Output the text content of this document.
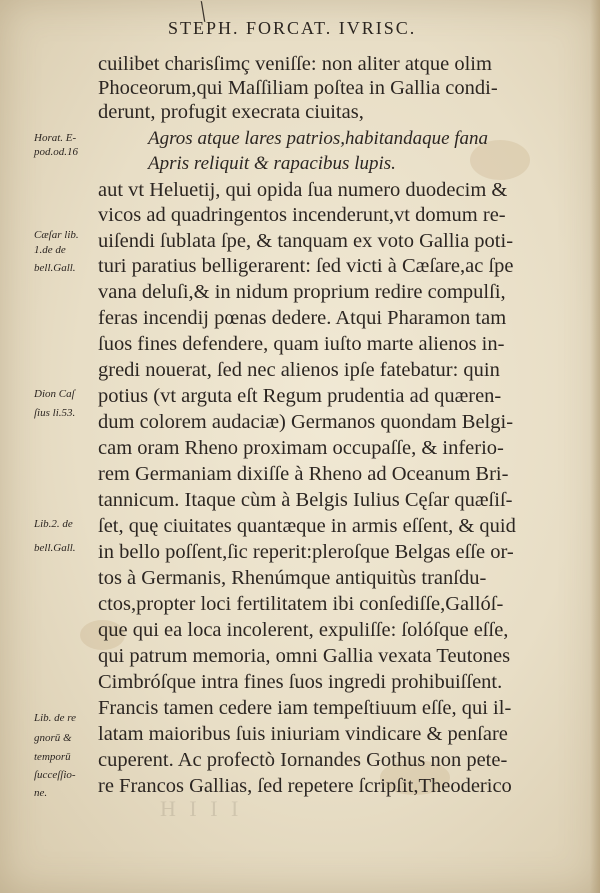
╲
STEPH. FORCAT. IVRISC.
cuilibet charisſimç veniſſe: non aliter atque olim
Phoceorum,qui Maſſiliam poſtea in Gallia condi-
derunt, profugit execrata ciuitas,
Agros atque lares patrios,habitandaque fana
Apris reliquit & rapacibus lupis.
aut vt Heluetij, qui opida ſua numero duodecim &
vicos ad quadringentos incenderunt,vt domum re-
uiſendi ſublata ſpe, & tanquam ex voto Gallia poti-
turi paratius belligerarent: ſed victi à Cæſare,ac ſpe
vana deluſi,& in nidum proprium redire compulſi,
feras incendij pœnas dedere. Atqui Pharamon tam
ſuos fines defendere, quam iuſto marte alienos in-
gredi nouerat, ſed nec alienos ipſe fatebatur: quin
potius (vt arguta eſt Regum prudentia ad quæren-
dum colorem audaciæ) Germanos quondam Belgi-
cam oram Rheno proximam occupaſſe, & inferio-
rem Germaniam dixiſſe à Rheno ad Oceanum Bri-
tannicum. Itaque cùm à Belgis Iulius Cęſar quæſiſ-
ſet, quę ciuitates quantæque in armis eſſent, & quid
in bello poſſent,ſic reperit:pleroſque Belgas eſſe or-
tos à Germanis, Rhenúmque antiquitùs tranſdu-
ctos,propter loci fertilitatem ibi conſediſſe,Gallóſ-
que qui ea loca incolerent, expuliſſe: ſolóſque eſſe,
qui patrum memoria, omni Gallia vexata Teutones
Cimbróſque intra fines ſuos ingredi prohibuiſſent.
Francis tamen cedere iam tempeſtiuum eſſe, qui il-
latam maioribus ſuis iniuriam vindicare & penſare
cuperent. Ac profectò Iornandes Gothus non pete-
re Francos Gallias, ſed repetere ſcripſit,Theoderico
Horat. E-
pod.od.16
Cæſar lib.
1.de de
bell.Gall.
Dion Caſ
ſius li.53.
Lib.2. de
bell.Gall.
Lib. de re
gnorū &
temporū
ſucceſſio-
ne.
H I I I
